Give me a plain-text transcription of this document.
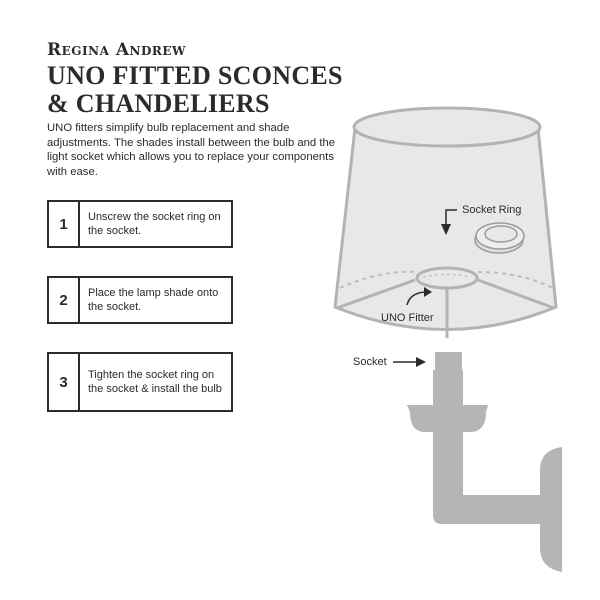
Regina Andrew
UNO FITTED SCONCES
& CHANDELIERS
UNO fitters simplify bulb replacement and shade adjustments. The shades install between the bulb and the light socket which allows you to replace your components with ease.
1	Unscrew the socket ring on the socket.
2	Place the lamp shade onto the socket.
3	Tighten the socket ring on the socket & install the bulb
Socket Ring
UNO Fitter
Socket
